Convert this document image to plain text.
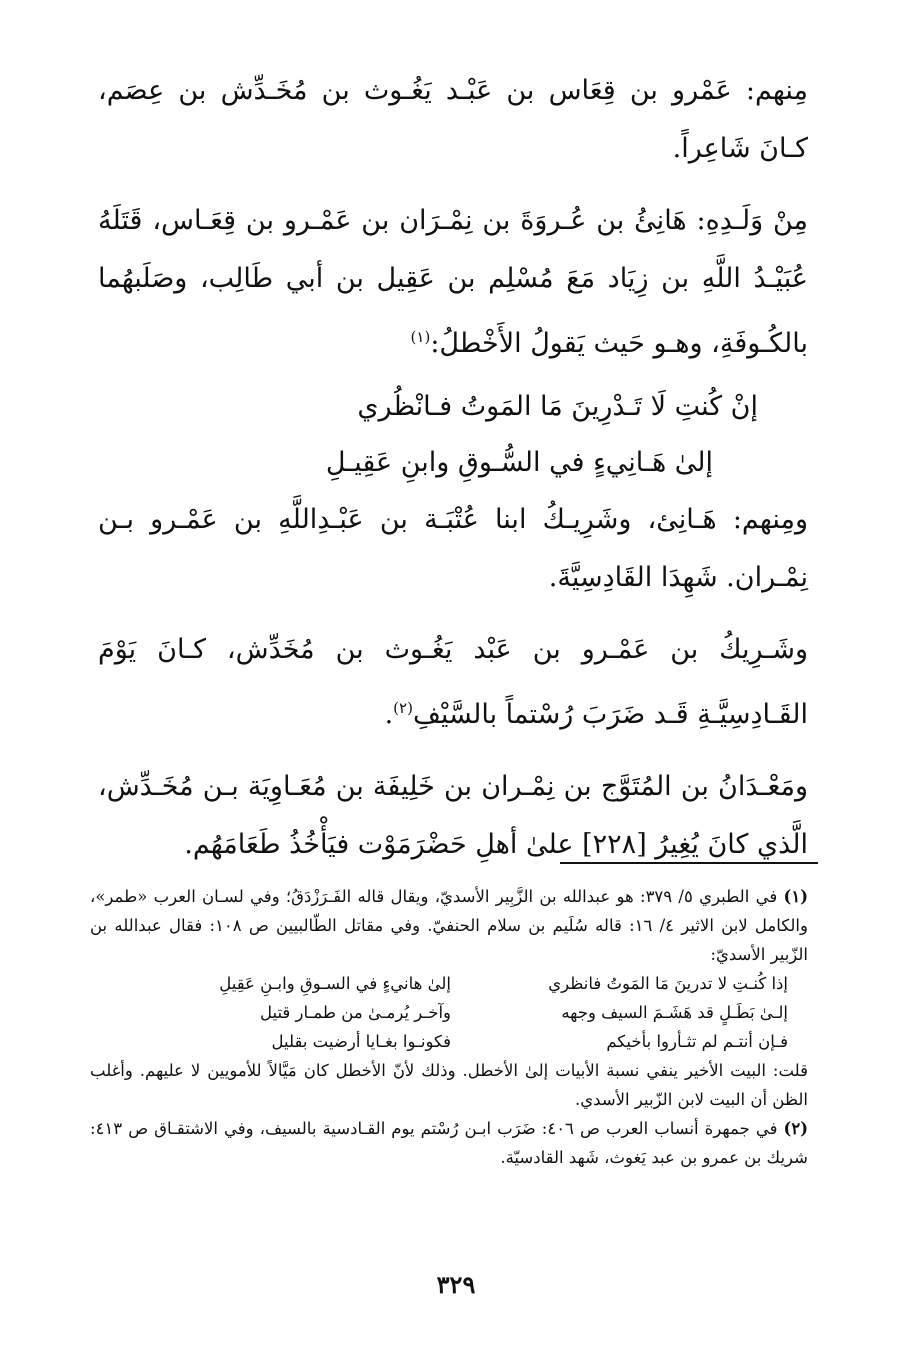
مِنهم: عَمْرو بن قِعَاس بن عَبْـد يَغُـوث بن مُخَـدِّش بن عِصَم، كـانَ شَاعِراً.

مِنْ وَلَـدِهِ: هَانِئُ بن عُـروَةَ بن نِمْـرَان بن عَمْـرو بن قِعَـاس، قَتَلَهُ عُبَيْـدُ اللَّهِ بن زِيَاد مَعَ مُسْلِم بن عَقِيل بن أبي طَالِب، وصَلَبهُما بالكُـوفَةِ، وهـو حَيث يَقولُ الأَخْطلُ:$^{(١)}$

إنْ كُنتِ لَا تَـدْرِينَ مَا المَوتُ فـانْظُري

إلىٰ هَـانِيءٍ في السُّـوقِ وابنِ عَقِيـلِ

ومِنهم: هَـانِئ، وشَرِيـكُ ابنا عُتْبَـة بن عَبْـدِاللَّهِ بن عَمْـرو بـن نِمْـران. شَهِدَا القَادِسِيَّةَ.

وشَـرِيكُ بن عَمْـرو بن عَبْد يَغُـوث بن مُخَدِّش، كـانَ يَوْمَ القَـادِسِيَّـةِ قَـد ضَرَبَ رُسْتماً بالسَّيْفِ$^{(٢)}$.

ومَعْـدَانُ بن المُتَوَّج بن نِمْـران بن خَلِيفَة بن مُعَـاوِيَة بـن مُخَـدِّش، الَّذي كانَ يُغِيرُ [٢٢٨] علىٰ أهلِ حَضْرَمَوْت فيَأْخُذُ طَعَامَهُم.

(١) في الطبري ٥/ ٣٧٩: هو عبدالله بن الزَّبِير الأسديّ، ويقال قاله الفَـرَزْدَقُ؛ وفي لسـان العرب «طمر»، والكامل لابن الاثير ٤/ ١٦: قاله سُلَيم بن سلام الحنفيّ. وفي مقاتل الطّالبيين ص ١٠٨: فقال عبدالله بن الزّبير الأسديّ:

إذا كُنـتِ لا تدرينَ مَا المَوتُ فانظري
إلىٰ هانيءٍ في السـوقِ وابـنِ عَقِيلِ
إلـىٰ بَطَـلٍ قد هَشَـمَ السيف وجهه
وآخـر يُرمـىٰ من طمـار قتيل
فـإن أنتـم لم تثـأروا بأخيكم
فكونـوا بغـايا أرضيت بقليل

قلت: البيت الأخير ينفي نسبة الأبيات إلىٰ الأخطل. وذلك لأنّ الأخطل كان مَيَّالاً للأمويين لا عليهم. وأغلب الظن أن البيت لابن الزّبير الأسدي.

(٢) في جمهرة أنساب العرب ص ٤٠٦: ضَرَب ابـن رُسْتم يوم القـادسية بالسيف، وفي الاشتقـاق ص ٤١٣: شريك بن عمرو بن عبد يَغوث، شَهد القادسيّة.

٣٢٩
